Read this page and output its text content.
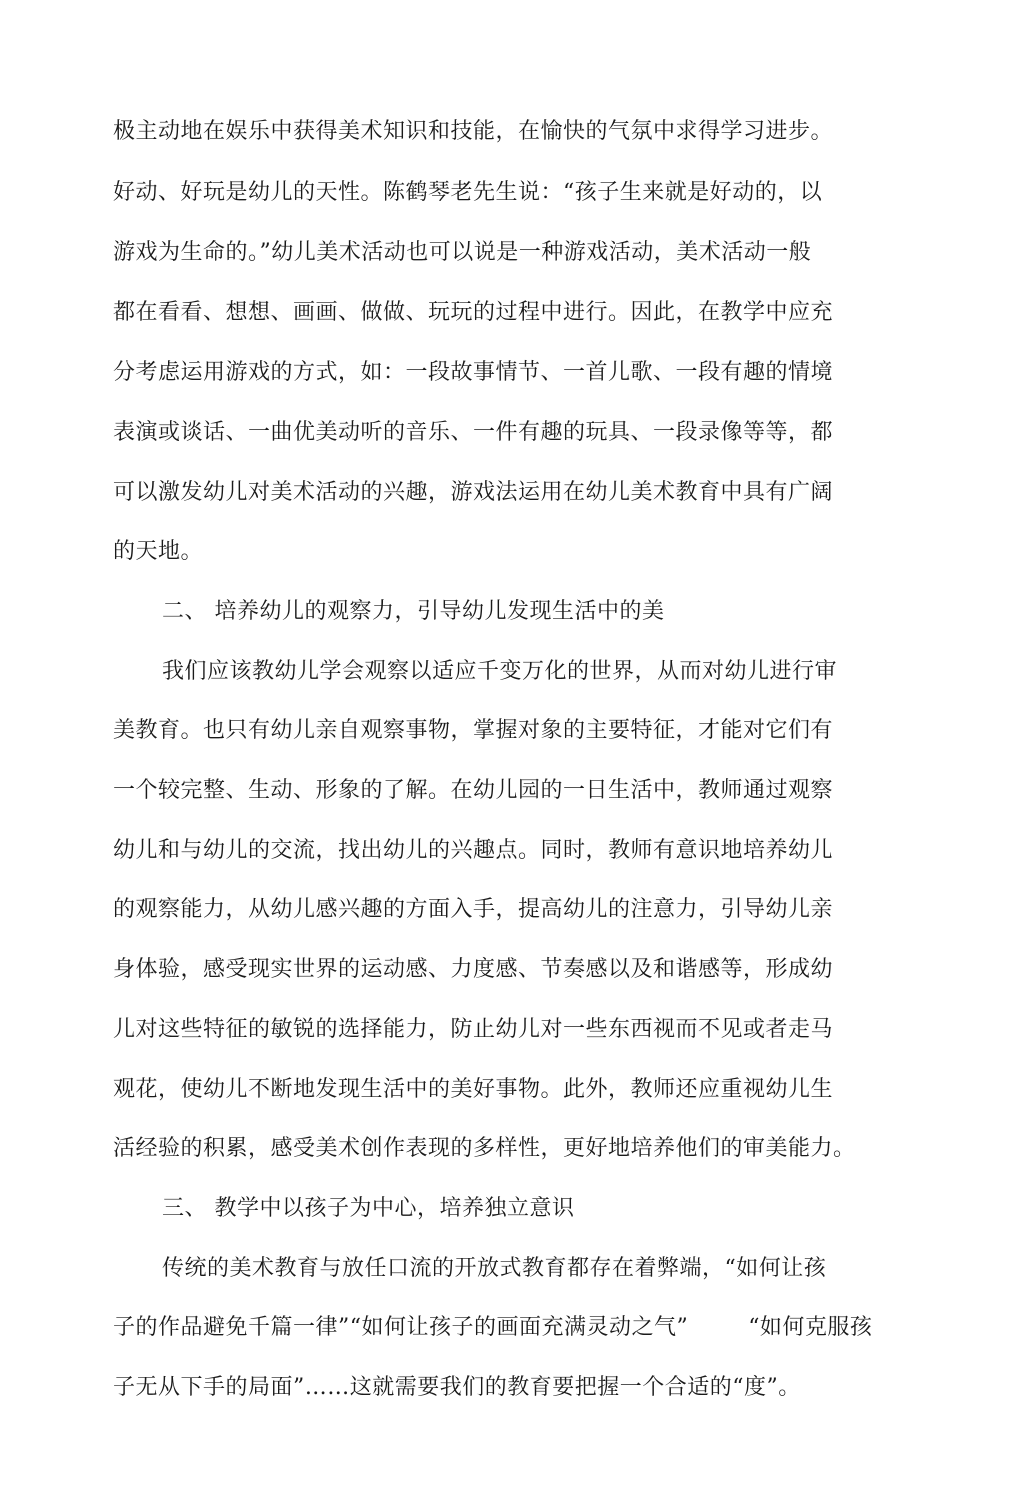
极主动地在娱乐中获得美术知识和技能，在愉快的气氛中求得学习进步。
好动、好玩是幼儿的天性。陈鹤琴老先生说：“孩子生来就是好动的，以
游戏为生命的。”幼儿美术活动也可以说是一种游戏活动，美术活动一般
都在看看、想想、画画、做做、玩玩的过程中进行。因此，在教学中应充
分考虑运用游戏的方式，如：一段故事情节、一首儿歌、一段有趣的情境
表演或谈话、一曲优美动听的音乐、一件有趣的玩具、一段录像等等，都
可以激发幼儿对美术活动的兴趣，游戏法运用在幼儿美术教育中具有广阔
的天地。
二、 培养幼儿的观察力，引导幼儿发现生活中的美
我们应该教幼儿学会观察以适应千变万化的世界，从而对幼儿进行审
美教育。也只有幼儿亲自观察事物，掌握对象的主要特征，才能对它们有
一个较完整、生动、形象的了解。在幼儿园的一日生活中，教师通过观察
幼儿和与幼儿的交流，找出幼儿的兴趣点。同时，教师有意识地培养幼儿
的观察能力，从幼儿感兴趣的方面入手，提高幼儿的注意力，引导幼儿亲
身体验，感受现实世界的运动感、力度感、节奏感以及和谐感等，形成幼
儿对这些特征的敏锐的选择能力，防止幼儿对一些东西视而不见或者走马
观花，使幼儿不断地发现生活中的美好事物。此外，教师还应重视幼儿生
活经验的积累，感受美术创作表现的多样性，更好地培养他们的审美能力。
三、 教学中以孩子为中心，培养独立意识
传统的美术教育与放任口流的开放式教育都存在着弊端，“如何让孩
子的作品避免千篇一律”“如何让孩子的画面充满灵动之气”        “如何克服孩
子无从下手的局面”……这就需要我们的教育要把握一个合适的“度”。
